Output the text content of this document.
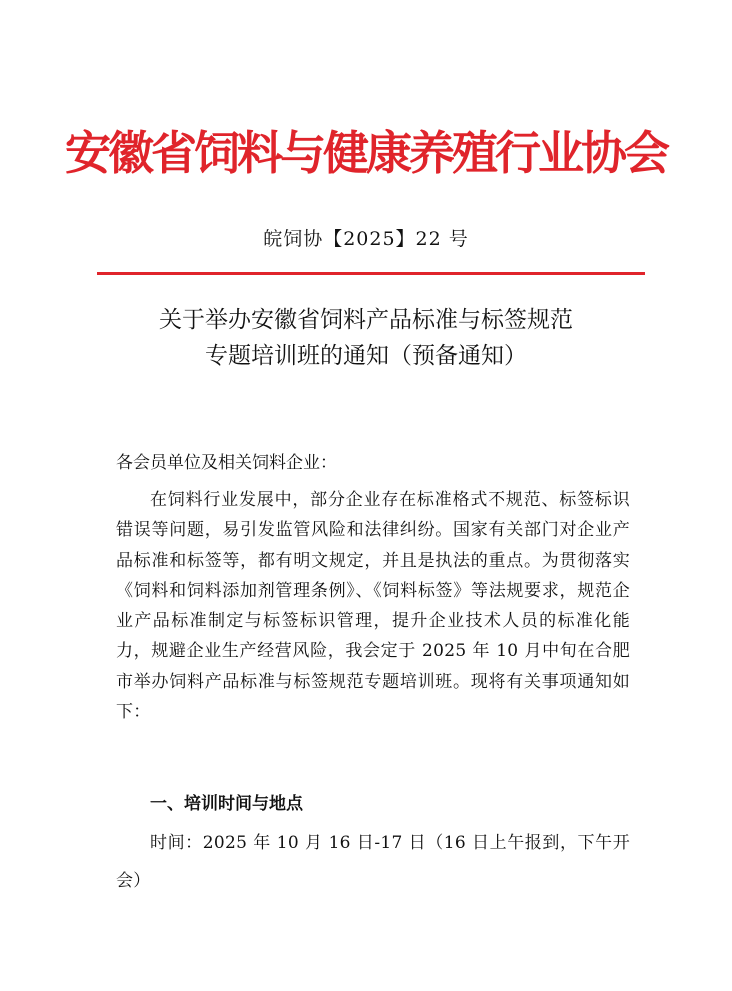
安徽省饲料与健康养殖行业协会
皖饲协【2025】22 号
关于举办安徽省饲料产品标准与标签规范
专题培训班的通知（预备通知）
各会员单位及相关饲料企业：
在饲料行业发展中，部分企业存在标准格式不规范、标签标识错误等问题，易引发监管风险和法律纠纷。国家有关部门对企业产品标准和标签等，都有明文规定，并且是执法的重点。为贯彻落实《饲料和饲料添加剂管理条例》、《饲料标签》等法规要求，规范企业产品标准制定与标签标识管理，提升企业技术人员的标准化能力，规避企业生产经营风险，我会定于 2025 年 10 月中旬在合肥市举办饲料产品标准与标签规范专题培训班。现将有关事项通知如下：
一、培训时间与地点
时间：2025 年 10 月 16 日-17 日（16 日上午报到，下午开会）
